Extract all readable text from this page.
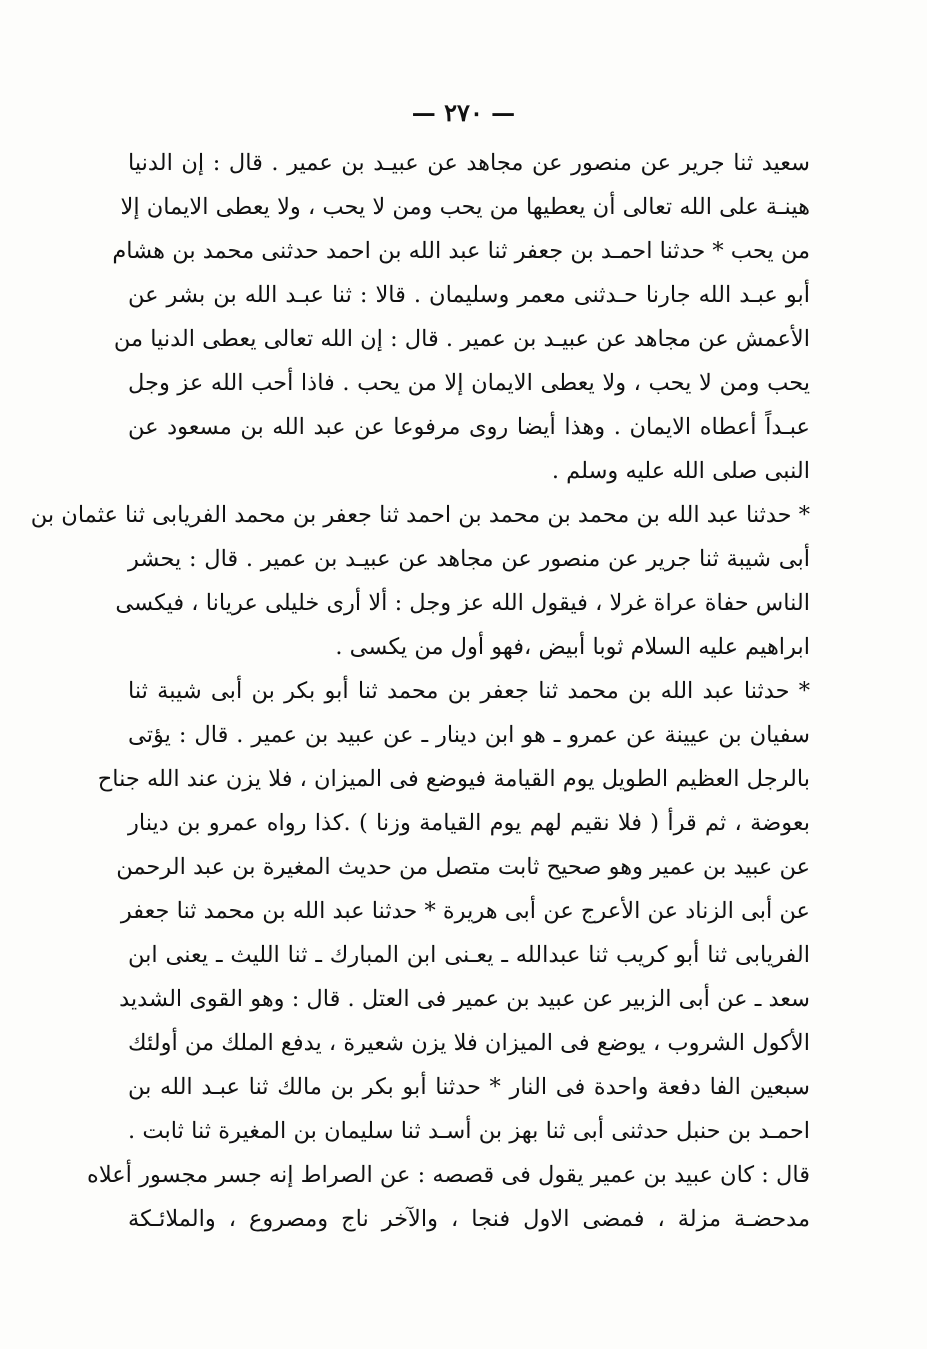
— ٢٧٠ —
سعيد ثنا جرير عن منصور عن مجاهد عن عبيـد بن عمير . قال : إن الدنيا
هينـة على الله تعالى أن يعطيها من يحب ومن لا يحب ، ولا يعطى الايمان إلا
من يحب * حدثنا احمـد بن جعفر ثنا عبد الله بن احمد حدثنى محمد بن هشام
أبو عبـد الله جارنا حـدثنى معمر وسليمان . قالا : ثنا عبـد الله بن بشر عن
الأعمش عن مجاهد عن عبيـد بن عمير . قال : إن الله تعالى يعطى الدنيا من
يحب ومن لا يحب ، ولا يعطى الايمان إلا من يحب . فاذا أحب الله عز وجل
عبـداً أعطاه الايمان . وهذا أيضا روى مرفوعا عن عبد الله بن مسعود عن
النبى صلى الله عليه وسلم .
* حدثنا عبد الله بن محمد بن محمد بن احمد ثنا جعفر بن محمد الفريابى ثنا عثمان بن
أبى شيبة ثنا جرير عن منصور عن مجاهد عن عبيـد بن عمير . قال : يحشر
الناس حفاة عراة غرلا ، فيقول الله عز وجل : ألا أرى خليلى عريانا ، فيكسى
ابراهيم عليه السلام ثوبا أبيض ،فهو أول من يكسى .
* حدثنا عبد الله بن محمد ثنا جعفر بن محمد ثنا أبو بكر بن أبى شيبة ثنا
سفيان بن عيينة عن عمرو ـ هو ابن دينار ـ عن عبيد بن عمير . قال : يؤتى
بالرجل العظيم الطويل يوم القيامة فيوضع فى الميزان ، فلا يزن عند الله جناح
بعوضة ، ثم قرأ ( فلا نقيم لهم يوم القيامة وزنا ) .كذا رواه عمرو بن دينار
عن عبيد بن عمير وهو صحيح ثابت متصل من حديث المغيرة بن عبد الرحمن
عن أبى الزناد عن الأعرج عن أبى هريرة * حدثنا عبد الله بن محمد ثنا جعفر
الفريابى ثنا أبو كريب ثنا عبدالله ـ يعـنى ابن المبارك ـ ثنا الليث ـ يعنى ابن
سعد ـ عن أبى الزبير عن عبيد بن عمير فى العتل . قال : وهو القوى الشديد
الأكول الشروب ، يوضع فى الميزان فلا يزن شعيرة ، يدفع الملك من أولئك
سبعين الفا دفعة واحدة فى النار * حدثنا أبو بكر بن مالك ثنا عبـد الله بن
احمـد بن حنبل حدثنى أبى ثنا بهز بن أسـد ثنا سليمان بن المغيرة ثنا ثابت .
قال : كان عبيد بن عمير يقول فى قصصه : عن الصراط إنه جسر مجسور أعلاه
مدحضـة مزلة ، فمضى الاول فنجا ، والآخر ناج ومصروع ، والملائـكة
